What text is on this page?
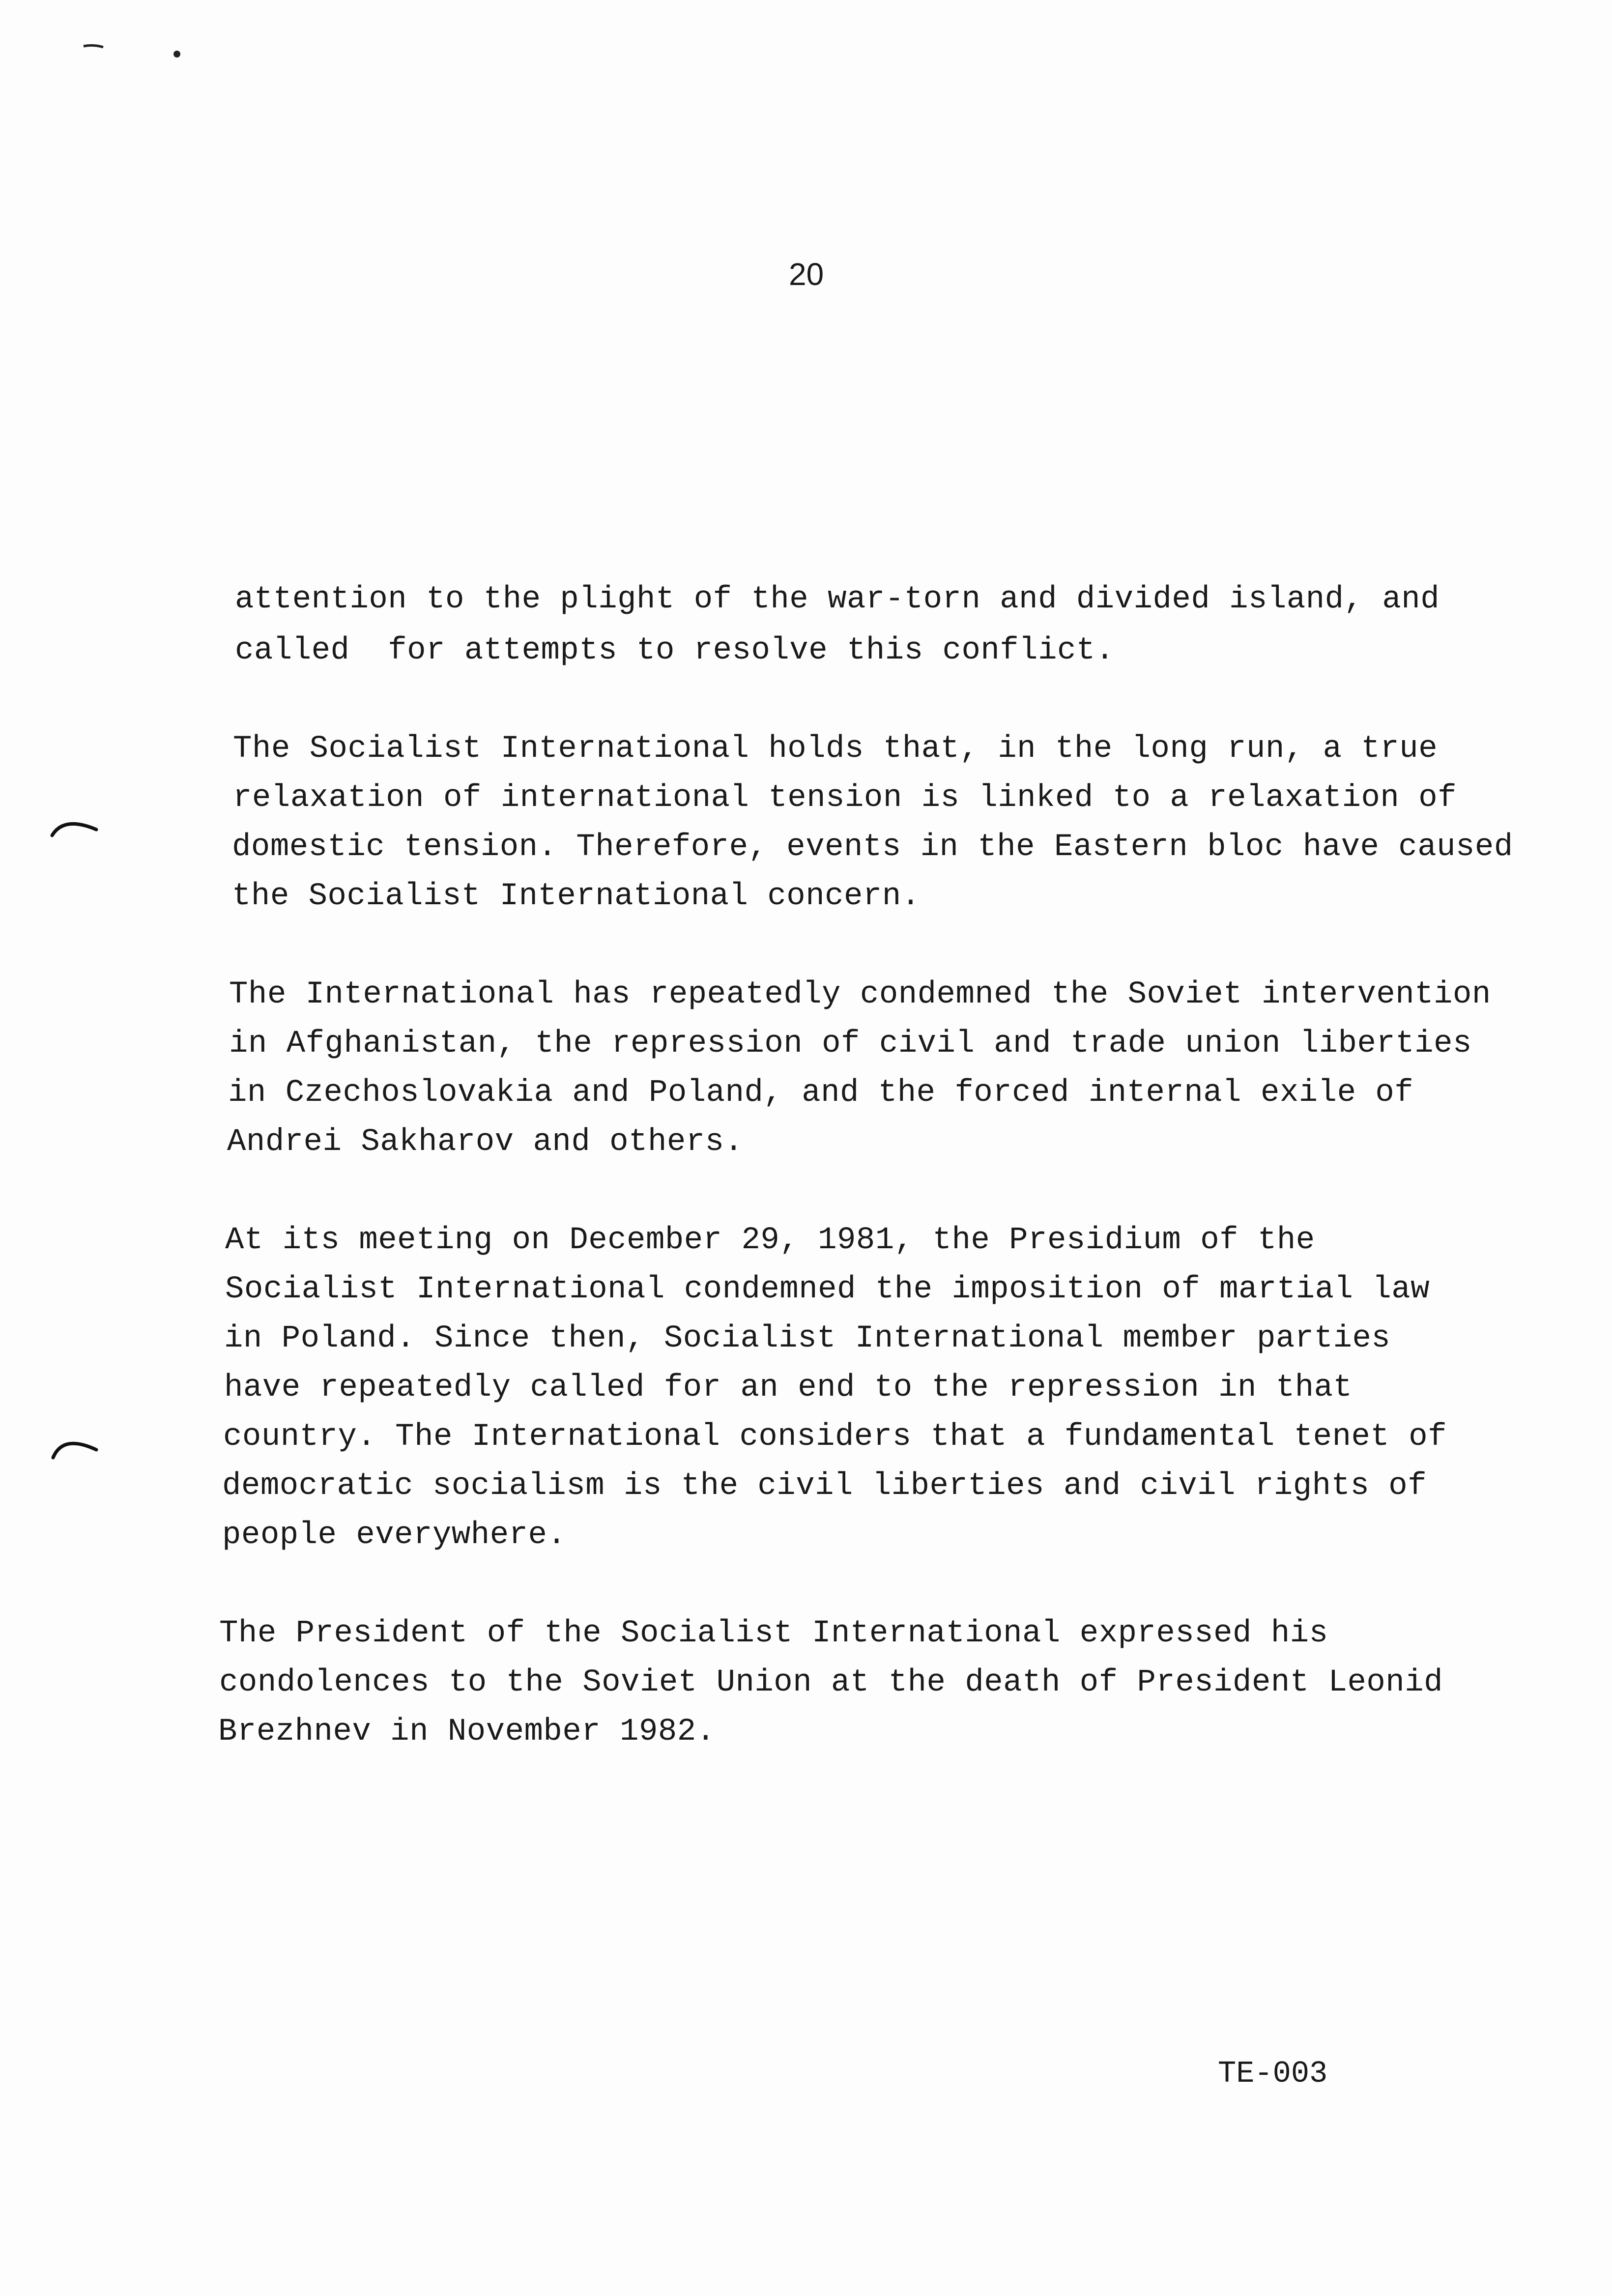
20
attention to the plight of the war-torn and divided island, and
called  for attempts to resolve this conflict.
The Socialist International holds that, in the long run, a true
relaxation of international tension is linked to a relaxation of
domestic tension. Therefore, events in the Eastern bloc have caused
the Socialist International concern.
The International has repeatedly condemned the Soviet intervention
in Afghanistan, the repression of civil and trade union liberties
in Czechoslovakia and Poland, and the forced internal exile of
Andrei Sakharov and others.
At its meeting on December 29, 1981, the Presidium of the
Socialist International condemned the imposition of martial law
in Poland. Since then, Socialist International member parties
have repeatedly called for an end to the repression in that
country. The International considers that a fundamental tenet of
democratic socialism is the civil liberties and civil rights of
people everywhere.
The President of the Socialist International expressed his
condolences to the Soviet Union at the death of President Leonid
Brezhnev in November 1982.
TE-003
